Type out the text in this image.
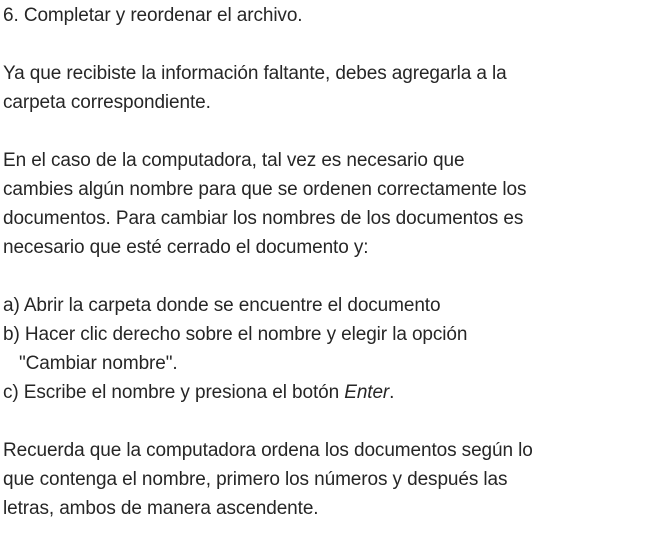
6. Completar y reordenar el archivo.
Ya que recibiste la información faltante, debes agregarla a la
carpeta correspondiente.
En el caso de la computadora, tal vez es necesario que
cambies algún nombre para que se ordenen correctamente los
documentos. Para cambiar los nombres de los documentos es
necesario que esté cerrado el documento y:
a) Abrir la carpeta donde se encuentre el documento
b) Hacer clic derecho sobre el nombre y elegir la opción
"Cambiar nombre".
c) Escribe el nombre y presiona el botón Enter.
Recuerda que la computadora ordena los documentos según lo
que contenga el nombre, primero los números y después las
letras, ambos de manera ascendente.
